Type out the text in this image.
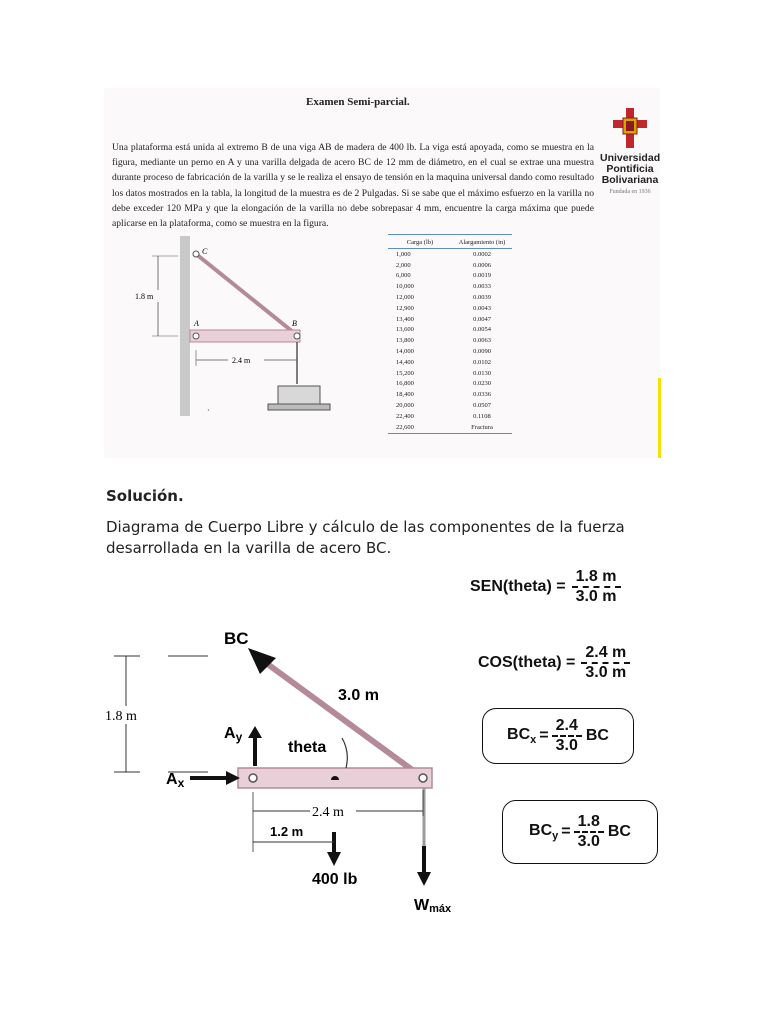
Examen Semi-parcial.
Una plataforma está unida al extremo B de una viga AB de madera de 400 lb. La viga está apoyada, como se muestra en la figura, mediante un perno en A y una varilla delgada de acero BC de 12 mm de diámetro, en el cual se extrae una muestra durante proceso de fabricación de la varilla y se le realiza el ensayo de tensión en la maquina universal dando como resultado los datos mostrados en la tabla, la longitud de la muestra es de 2 Pulgadas. Si se sabe que el máximo esfuerzo en la varilla no debe exceder 120 MPa y que la elongación de la varilla no debe sobrepasar 4 mm, encuentre la carga máxima que puede aplicarse en la plataforma, como se muestra en la figura.
Universidad
Pontificia
Bolivariana
Fundada en 1936
C
A	B
1.8 m
2.4 m
·
Carga (lb)	Alargamiento (in)
1,000	0.0002
2,000	0.0006
6,000	0.0019
10,000	0.0033
12,000	0.0039
12,900	0.0043
13,400	0.0047
13,600	0.0054
13,800	0.0063
14,000	0.0090
14,400	0.0102
15,200	0.0130
16,800	0.0230
18,400	0.0336
20,000	0.0507
22,400	0.1108
22,600	Fractura
Solución.
Diagrama de Cuerpo Libre y cálculo de las componentes de la fuerza desarrollada en la varilla de acero BC.
1.8 m
2.4 m
BC
3.0 m
theta
Ay
Ax
1.2 m
400 lb
Wmáx
SEN(theta) = $\frac{1.8 m}{3.0 m}$
COS(theta) = $\frac{2.4 m}{3.0 m}$
$BC_x = \frac{2.4}{3.0}$ BC
$BC_y = \frac{1.8}{3.0}$ BC
